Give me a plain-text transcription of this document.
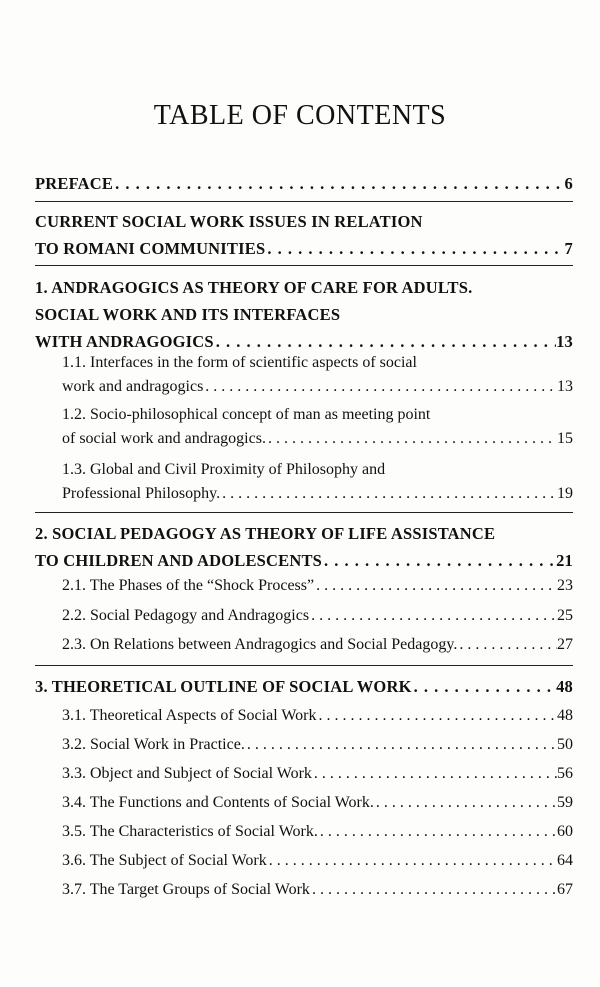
TABLE OF CONTENTS
PREFACE . . .	6
CURRENT SOCIAL WORK ISSUES IN RELATION
TO ROMANI COMMUNITIES . . .	7
1. ANDRAGOGICS AS THEORY OF CARE FOR ADULTS.
SOCIAL WORK AND ITS INTERFACES
WITH ANDRAGOGICS . . .	13
1.1. Interfaces in the form of scientific aspects of social
work and andragogics . . .	13
1.2. Socio-philosophical concept of man as meeting point
of social work and andragogics. . . .	15
1.3. Global and Civil Proximity of Philosophy and
Professional Philosophy. . . .	19
2. SOCIAL PEDAGOGY AS THEORY OF LIFE ASSISTANCE
TO CHILDREN AND ADOLESCENTS . . .	21
2.1. The Phases of the “Shock Process” . . .	23
2.2. Social Pedagogy and Andragogics . . .	25
2.3. On Relations between Andragogics and Social Pedagogy. . . .	27
3. THEORETICAL OUTLINE OF SOCIAL WORK . . .	48
3.1. Theoretical Aspects of Social Work . . .	48
3.2. Social Work in Practice. . . .	50
3.3. Object and Subject of Social Work . . .	56
3.4. The Functions and Contents of Social Work. . . .	59
3.5. The Characteristics of Social Work. . . .	60
3.6. The Subject of Social Work . . .	64
3.7. The Target Groups of Social Work . . .	67
